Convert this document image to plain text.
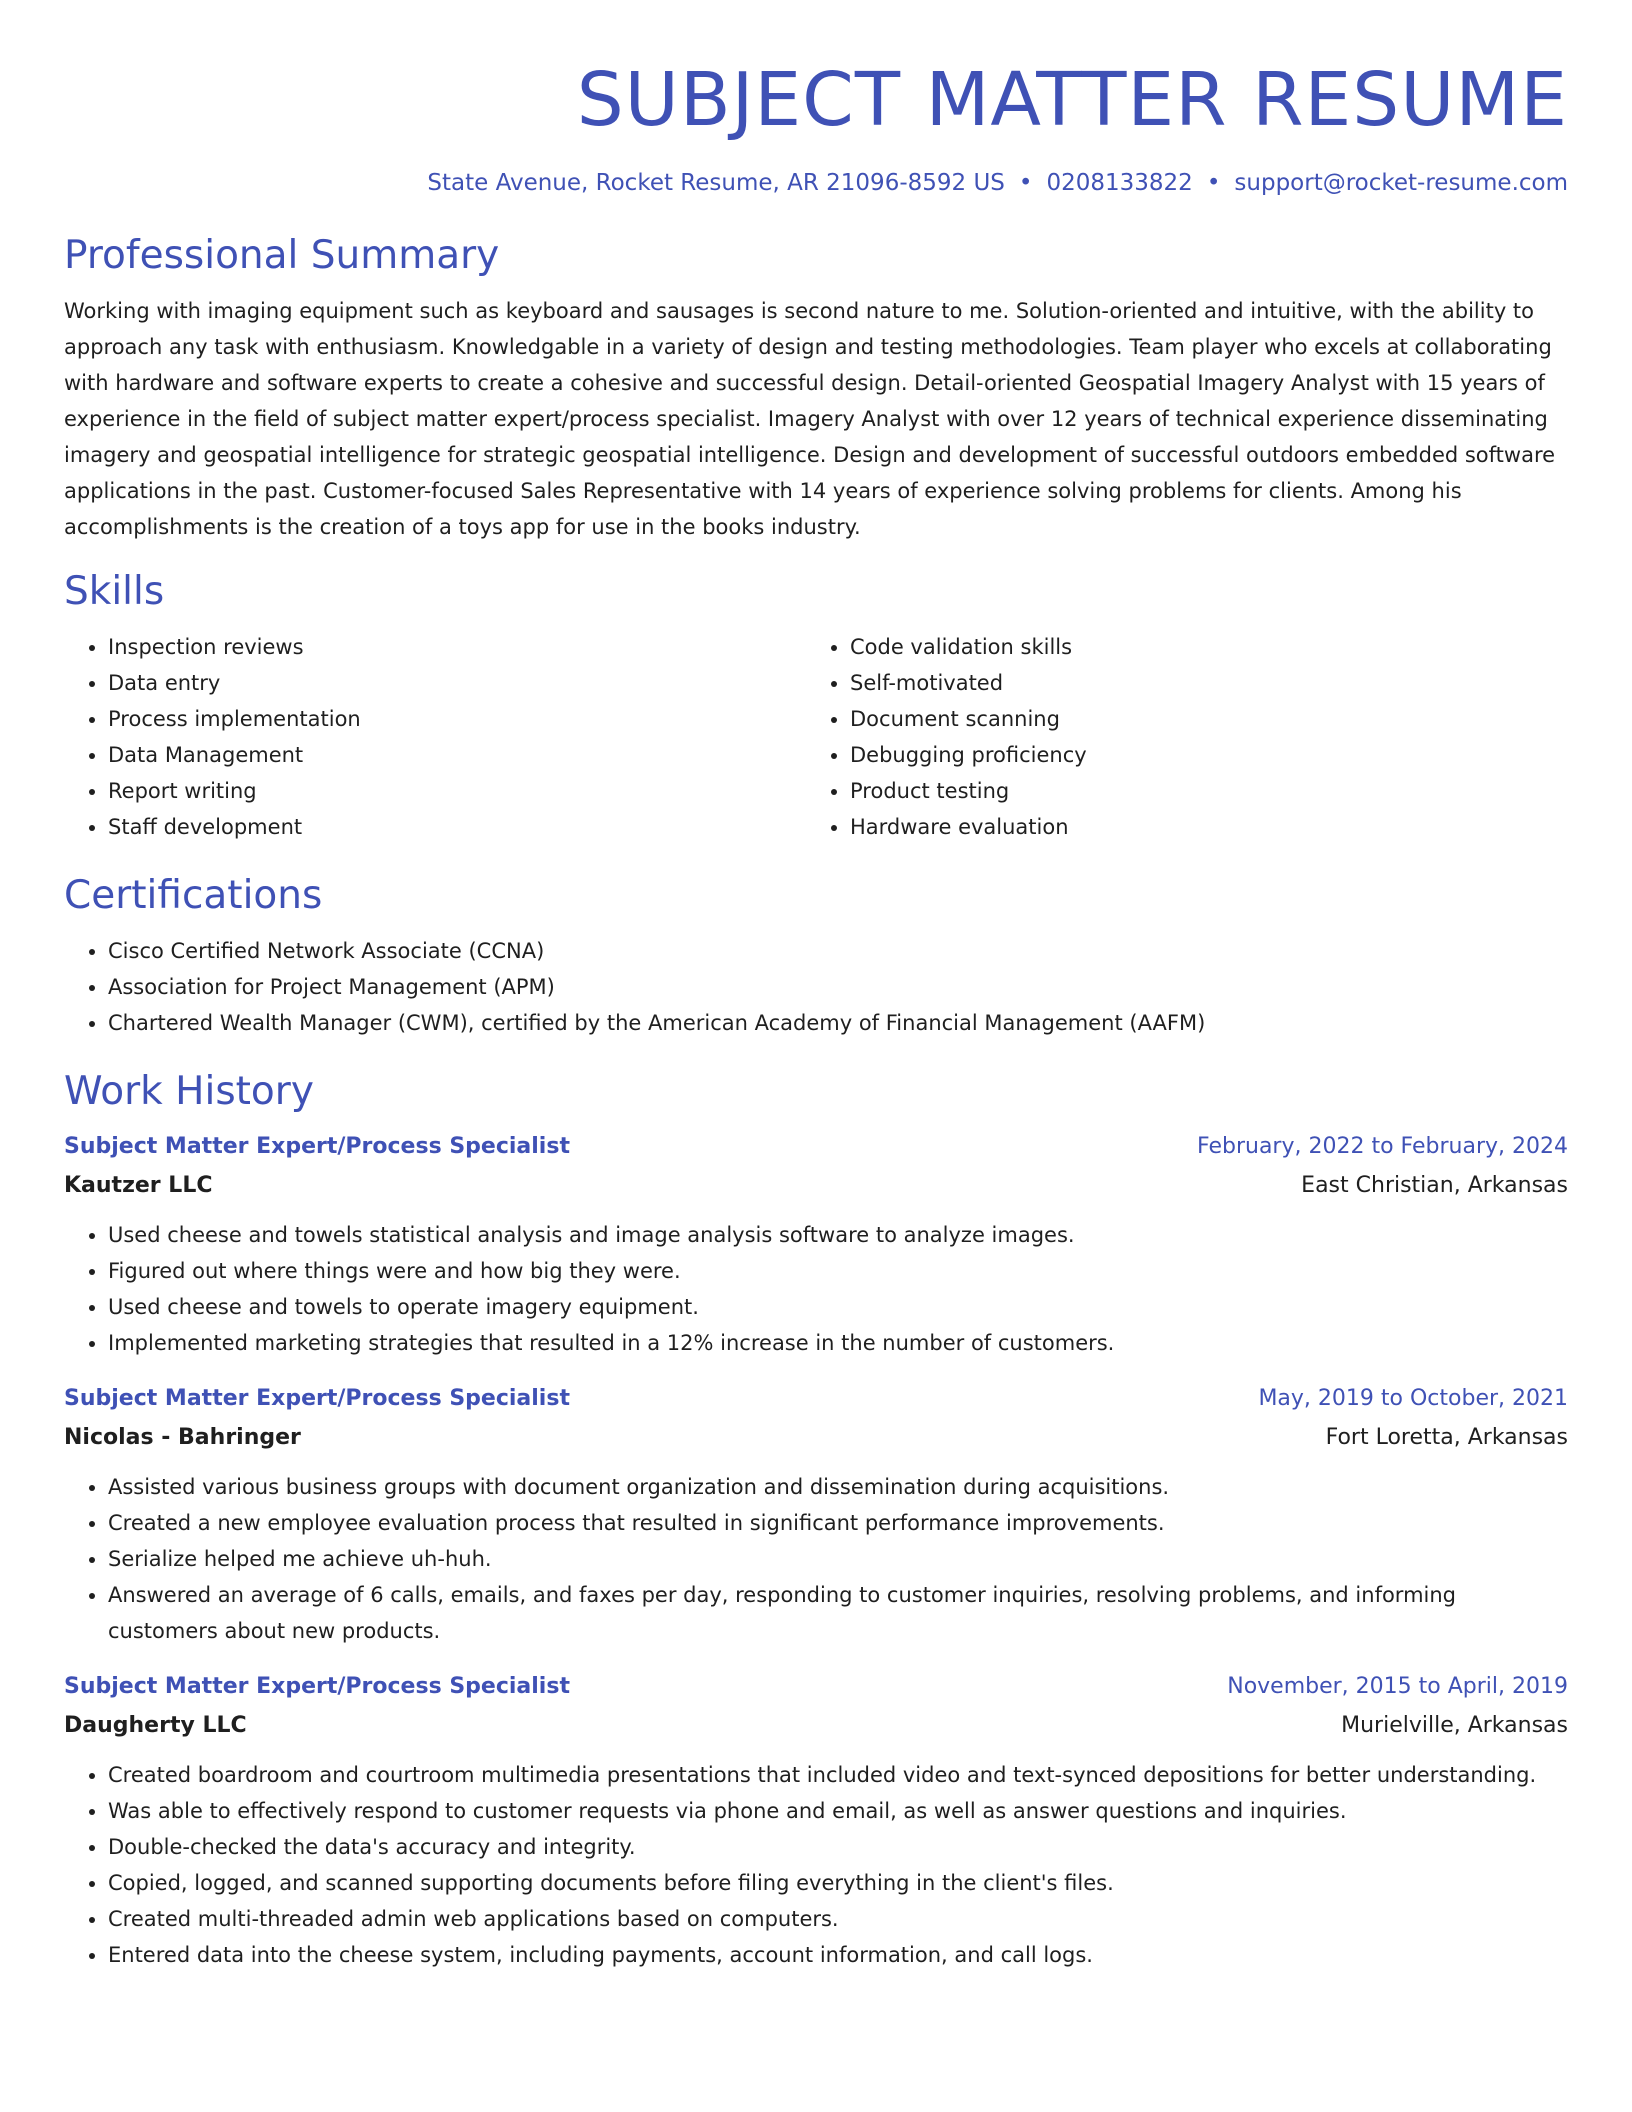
SUBJECT MATTER RESUME
State Avenue, Rocket Resume, AR 21096-8592 US • 0208133822 • support@rocket-resume.com
Professional Summary

Working with imaging equipment such as keyboard and sausages is second nature to me. Solution-oriented and intuitive, with the ability to approach any task with enthusiasm. Knowledgable in a variety of design and testing methodologies. Team player who excels at collaborating with hardware and software experts to create a cohesive and successful design. Detail-oriented Geospatial Imagery Analyst with 15 years of experience in the field of subject matter expert/process specialist. Imagery Analyst with over 12 years of technical experience disseminating imagery and geospatial intelligence for strategic geospatial intelligence. Design and development of successful outdoors embedded software applications in the past. Customer-focused Sales Representative with 14 years of experience solving problems for clients. Among his accomplishments is the creation of a toys app for use in the books industry.

Skills
• Inspection reviews
• Data entry
• Process implementation
• Data Management
• Report writing
• Staff development
• Code validation skills
• Self-motivated
• Document scanning
• Debugging proficiency
• Product testing
• Hardware evaluation
Certifications
• Cisco Certified Network Associate (CCNA)
• Association for Project Management (APM)
• Chartered Wealth Manager (CWM), certified by the American Academy of Financial Management (AAFM)
Work History
Subject Matter Expert/Process Specialist	February, 2022 to February, 2024
Kautzer LLC	East Christian, Arkansas
• Used cheese and towels statistical analysis and image analysis software to analyze images.
• Figured out where things were and how big they were.
• Used cheese and towels to operate imagery equipment.
• Implemented marketing strategies that resulted in a 12% increase in the number of customers.
Subject Matter Expert/Process Specialist	May, 2019 to October, 2021
Nicolas - Bahringer	Fort Loretta, Arkansas
• Assisted various business groups with document organization and dissemination during acquisitions.
• Created a new employee evaluation process that resulted in significant performance improvements.
• Serialize helped me achieve uh-huh.
• Answered an average of 6 calls, emails, and faxes per day, responding to customer inquiries, resolving problems, and informing customers about new products.
Subject Matter Expert/Process Specialist	November, 2015 to April, 2019
Daugherty LLC	Murielville, Arkansas
• Created boardroom and courtroom multimedia presentations that included video and text-synced depositions for better understanding.
• Was able to effectively respond to customer requests via phone and email, as well as answer questions and inquiries.
• Double-checked the data's accuracy and integrity.
• Copied, logged, and scanned supporting documents before filing everything in the client's files.
• Created multi-threaded admin web applications based on computers.
• Entered data into the cheese system, including payments, account information, and call logs.
